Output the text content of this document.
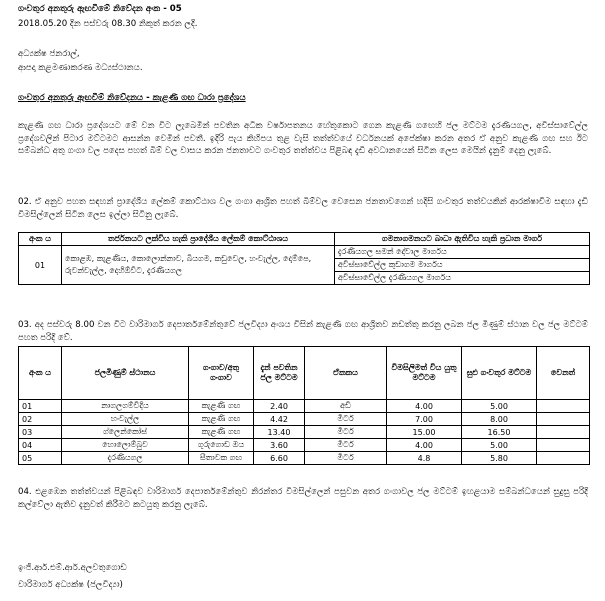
ගංවතුර අනතුරු ඇඟවීමේ නිවේදන අංක - 05
2018.05.20 දින පස්වරු 08.30 නිකුත් කරන ලදි.
අධ්‍යක්ෂ ජනරාල්,
ආපදා කළමණාකරණ මධ්‍යස්ථානය.
ගංවතුර අනතුරු ඇඟවීම් නිවේදනය - කැළණි ගඟ ධාරා ප්‍රදේශය
කැළණි ගඟ ධාරා ප්‍රදේශයට මේ වන විට ලැබෙමින් පවතින අධික වර්ෂාපතනය හේතුකොට ගෙන කැළණි ගඟෙහි ජල මට්ටම දැරණියගල, අවිස්සාවේල්ල ප්‍රදේශවලින් පිටාර මට්ටමට ආසන්න වෙමින් පවතී. ඉදිරි පැය කිහිපය තුළ වැසි තත්ත්වයේ වර්ධනයක් අපේක්ෂා කරන අතර ඒ අනුව කැළණි ගඟ සහ ඊට සම්බන්ධ අතු ගංගා වල පදෙස පහත් බිම් වල වාසය කරන ජනතාවට ගංවතුර තත්ත්වය පිළිබඳ දැඩි අවධානයෙන් සිටින ලෙස මෙයින් දැනුම් දෙනු ලැබේ.
02. ඒ අනුව පහත සඳහන් ප්‍රාදේශීය ලේකම් කොට්ඨාශ වල ගංගා ආශ්‍රිත පහත් බිම්වල වෙසෙන ජනතාවගෙන් හදිසි ගංවතුර තත්වයකින් ආරක්ෂාවීම සඳහා දැඩි විමසිල්ලෙන් සිටින ලෙස ඉල්ලා සිටිනු ලැබේ.
අංක ය	තර්ජනයට ලක්විය හැකි ප්‍රාදේශීය ලේකම් කොට්ඨාශය	ගමනාගමනයට බාධා ඇතිවිය හැකි ප්‍රධාන මාර්ග
01	කොළඹ, කැළණිය, කොලොන්නාව, බියගම, කඩුවෙල, හංවැල්ල, දොම්පෙ, රුවන්වැල්ල, දෙහිඕවිට, දැරණියගල	දැරණියගල සමන් දේවාල මාර්ගය
		අවිස්සාවේල්ල කුඩාගම මාර්ගය
		අවිස්සාවේල්ල දැරණියගල මාර්ගය
03. අද පස්වරු 8.00 වන විට වාරිමාර්ග දෙපාර්තමේන්තුවේ ජලවිද්‍යා අංශය විසින් කැළණි ගඟ ආශ්‍රිතව නඩත්තු කරනු ලබන ජල මිණුම් ස්ථාන වල ජල මට්ටම් පහත පරිදි වේ.
අංක ය	ජලමිණුම් ස්ථානය	ගංගාව/අතු ගංගාව	දැන් පවතින ජල මට්ටම	ඒකකය	විමසිලිමත් විය යුතු මට්ටම	සුළු ගංවතුර මට්ටම	වෙනත්
01	නාගලගම්වීදිය	කැළණි ගඟ	2.40	අඩි	4.00	5.00	
02	හංවැල්ල	කැළණි ගඟ	4.42	මීටර්	7.00	8.00	
03	ග්ලෙන්කෝස්	කැළණි ගඟ	13.40	මීටර්	15.00	16.50	
04	හොලොම්බුව	ගුරුගොඩ ඔය	3.60	මීටර්	4.00	5.00	
05	දැරණියගල	සීතාවක ගඟ	6.60	මීටර්	4.8	5.80	
04. එළඹෙන තත්ත්වයන් පිළිබඳව වාරිමාර්ග දෙපාර්තමේන්තුව නිරන්තර විමසිල්ලෙන් පසුවන අතර ගංගාවල ජල මට්ටම් ඉහළයාම සම්බන්ධයෙන් සුදුසු පරිදි කල්වේලා ඇතිව දැනුවත් කිරීමට කටයුතු කරනු ලැබේ.
ඉංජි.ආර්.එම්.ආර්.අලවතුගොඩ
වාරිමාර්ග අධ්‍යක්ෂ (ජලවිද්‍යා)
